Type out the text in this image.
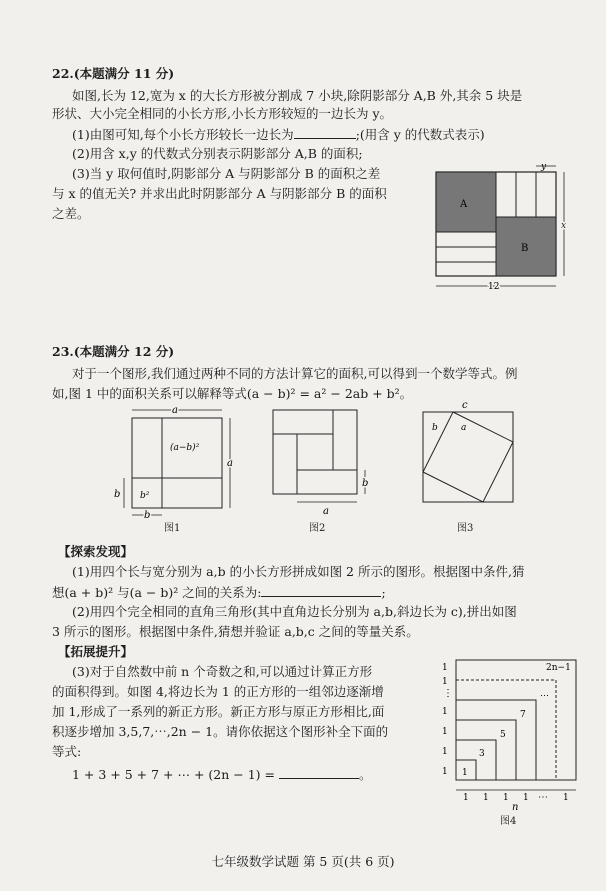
22.(本题满分 11 分)
如图,长为 12,宽为 x 的大长方形被分割成 7 小块,除阴影部分 A,B 外,其余 5 块是
形状、大小完全相同的小长方形,小长方形较短的一边长为 y。
(1)由图可知,每个小长方形较长一边长为	;(用含 y 的代数式表示)
(2)用含 x,y 的代数式分别表示阴影部分 A,B 的面积;
(3)当 y 取何值时,阴影部分 A 与阴影部分 B 的面积之差
与 x 的值无关? 并求出此时阴影部分 A 与阴影部分 B 的面积
之差。
A
B
y
x
12
23.(本题满分 12 分)
对于一个图形,我们通过两种不同的方法计算它的面积,可以得到一个数学等式。例
如,图 1 中的面积关系可以解释等式(a − b)² = a² − 2ab + b²。
a
(a−b)²
b²
a
b
b
图1
b
a
图2
c
b	a
图3
【探索发现】
(1)用四个长与宽分别为 a,b 的小长方形拼成如图 2 所示的图形。根据图中条件,猜
想(a + b)² 与(a − b)² 之间的关系为:	;
(2)用四个完全相同的直角三角形(其中直角边长分别为 a,b,斜边长为 c),拼出如图
3 所示的图形。根据图中条件,猜想并验证 a,b,c 之间的等量关系。
【拓展提升】
(3)对于自然数中前 n 个奇数之和,可以通过计算正方形
的面积得到。如图 4,将边长为 1 的正方形的一组邻边逐渐增
加 1,形成了一系列的新正方形。新正方形与原正方形相比,面
积逐步增加 3,5,7,⋯,2n − 1。请你依据这个图形补全下面的
等式:
1 + 3 + 5 + 7 + ⋯ + (2n − 1) =	。	1
1
1
1
1
1
⋮
1 1 1 1	1
⋯
n
1
3
5
7
⋯
2n−1
图4
七年级数学试题 第 5 页(共 6 页)
